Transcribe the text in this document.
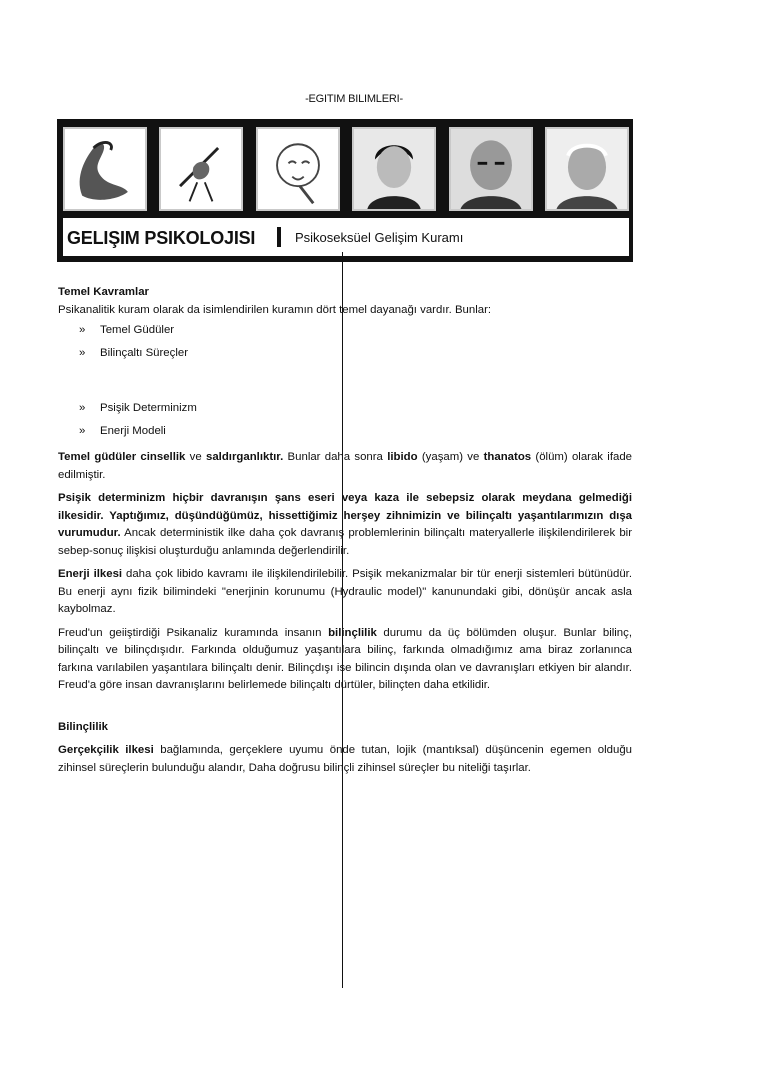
-EGITIM BILIMLERI-
GELIŞIM PSIKOLOJISI	Psikoseksüel Gelişim Kuramı

Temel Kavramlar

Psikanalitik kuram olarak da isimlendirilen kuramın dört temel dayanağı vardır. Bunlar:

» Temel Güdüler
» Bilinçaltı Süreçler
» Psişik Determinizm
» Enerji Modeli

Temel güdüler cinsellik ve saldırganlıktır. Bunlar daha sonra libido (yaşam) ve thanatos (ölüm) olarak ifade edilmiştir.

Psişik determinizm hiçbir davranışın şans eseri veya kaza ile sebepsiz olarak meydana gelmediği ilkesidir. Yaptığımız, düşündüğümüz, hissettiğimiz herşey zihnimizin ve bilinçaltı yaşantılarımızın dışa vurumudur. Ancak deterministik ilke daha çok davranış problemlerinin bilinçaltı materyallerle ilişkilendirilerek bir sebep-sonuç ilişkisi oluşturduğu anlamında değerlendirilir.

Enerji ilkesi daha çok libido kavramı ile ilişkilendirilebilir. Psişik mekanizmalar bir tür enerji sistemleri bütünüdür. Bu enerji aynı fizik bilimindeki "enerjinin korunumu (Hydraulic model)" kanunundaki gibi, dönüşür ancak asla kaybolmaz.

Freud'un geiiştirdiği Psikanaliz kuramında insanın bilinçlilik durumu da üç bölümden oluşur. Bunlar bilinç, bilinçaltı ve bilinçdışıdır. Farkında olduğumuz yaşantılara bilinç, farkında olmadığımız ama biraz zorlanınca farkına varılabilen yaşantılara bilinçaltı denir. Bilinçdışı ise bilincin dışında olan ve davranışları etkiyen bir alandır. Freud'a göre insan davranışlarını belirlemede bilinçaltı dürtüler, bilinçten daha etkilidir.

Bilinçlilik

Gerçekçilik ilkesi bağlamında, gerçeklere uyumu önde tutan, lojik (mantıksal) düşüncenin egemen olduğu zihinsel süreçlerin bulunduğu alandır, Daha doğrusu bilinçli zihinsel süreçler bu niteliği taşırlar.
